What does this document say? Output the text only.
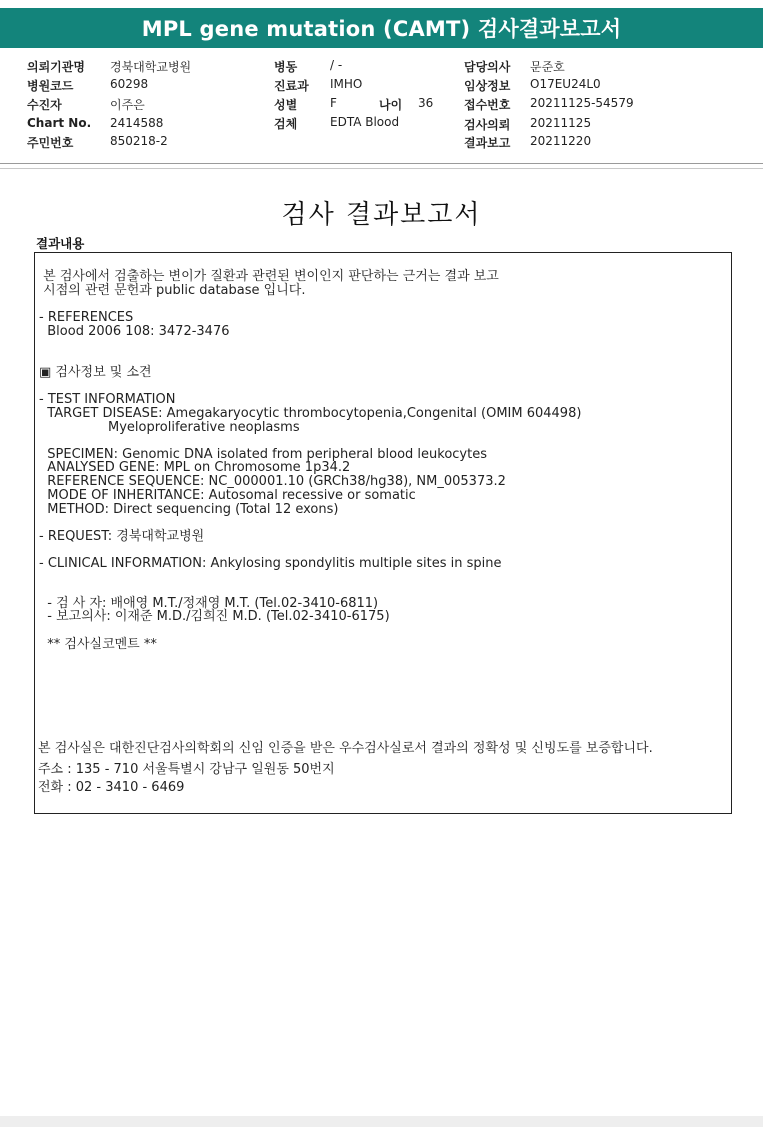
MPL gene mutation (CAMT) 검사결과보고서
의뢰기관명 경북대학교병원
병원코드	60298
수진자	이주은
Chart No. 2414588
주민번호	850218-2
병동	/ -
진료과 IMHO
성별	F	나이 36
검체	EDTA Blood
담당의사 문준호
임상정보 O17EU24L0
접수번호 20211125-54579
검사의뢰 20211125
결과보고 20211220
검사 결과보고서
결과내용
본 검사에서 검출하는 변이가 질환과 관련된 변이인지 판단하는 근거는 결과 보고
시점의 관련 문헌과 public database 입니다.
- REFERENCES
Blood 2006 108: 3472-3476
▣ 검사정보 및 소견
- TEST INFORMATION
TARGET DISEASE: Amegakaryocytic thrombocytopenia,Congenital (OMIM 604498)
Myeloproliferative neoplasms
SPECIMEN: Genomic DNA isolated from peripheral blood leukocytes
ANALYSED GENE: MPL on Chromosome 1p34.2
REFERENCE SEQUENCE: NC_000001.10 (GRCh38/hg38), NM_005373.2
MODE OF INHERITANCE: Autosomal recessive or somatic
METHOD: Direct sequencing (Total 12 exons)
- REQUEST: 경북대학교병원
- CLINICAL INFORMATION: Ankylosing spondylitis multiple sites in spine
- 검 사 자: 배애영 M.T./정재영 M.T. (Tel.02-3410-6811)
- 보고의사: 이재준 M.D./김희진 M.D. (Tel.02-3410-6175)
** 검사실코멘트 **
본 검사실은 대한진단검사의학회의 신임 인증을 받은 우수검사실로서 결과의 정확성 및 신빙도를 보증합니다.
주소 : 135 - 710 서울특별시 강남구 일원동 50번지
전화 : 02 - 3410 - 6469
